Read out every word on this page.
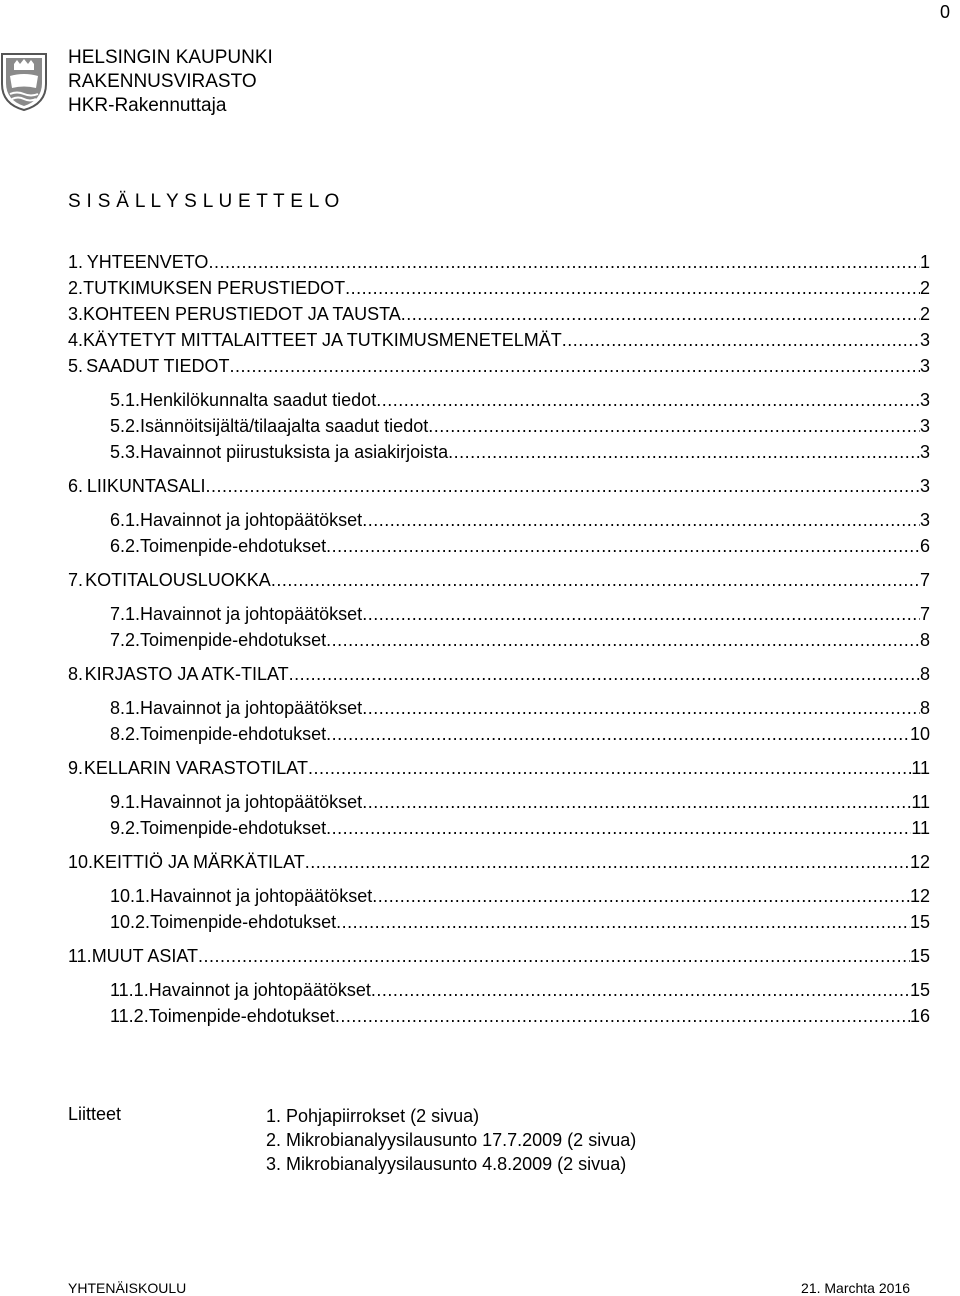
0
HELSINGIN KAUPUNKI
RAKENNUSVIRASTO
HKR-Rakennuttaja
S I S Ä L L Y S L U E T T E L O
1. YHTEENVETO .....	1
2. TUTKIMUKSEN PERUSTIEDOT .....	2
3. KOHTEEN PERUSTIEDOT JA TAUSTA .....	2
4. KÄYTETYT MITTALAITTEET JA TUTKIMUSMENETELMÄT .....	3
5. SAADUT TIEDOT .....	3
5.1. Henkilökunnalta saadut tiedot .....	3
5.2. Isännöitsijältä/tilaajalta saadut tiedot .....	3
5.3. Havainnot piirustuksista ja asiakirjoista .....	3
6. LIIKUNTASALI .....	3
6.1. Havainnot ja johtopäätökset .....	3
6.2. Toimenpide-ehdotukset .....	6
7. KOTITALOUSLUOKKA .....	7
7.1. Havainnot ja johtopäätökset .....	7
7.2. Toimenpide-ehdotukset .....	8
8. KIRJASTO JA ATK-TILAT .....	8
8.1. Havainnot ja johtopäätökset .....	8
8.2. Toimenpide-ehdotukset .....	10
9. KELLARIN VARASTOTILAT .....	11
9.1. Havainnot ja johtopäätökset .....	11
9.2. Toimenpide-ehdotukset .....	11
10. KEITTIÖ JA MÄRKÄTILAT .....	12
10.1. Havainnot ja johtopäätökset .....	12
10.2. Toimenpide-ehdotukset .....	15
11. MUUT ASIAT .....	15
11.1. Havainnot ja johtopäätökset .....	15
11.2. Toimenpide-ehdotukset .....	16
Liitteet	1. Pohjapiirrokset (2 sivua)
2. Mikrobianalyysilausunto 17.7.2009 (2 sivua)
3. Mikrobianalyysilausunto 4.8.2009 (2 sivua)
YHTENÄISKOULU	21. Marchta 2016
